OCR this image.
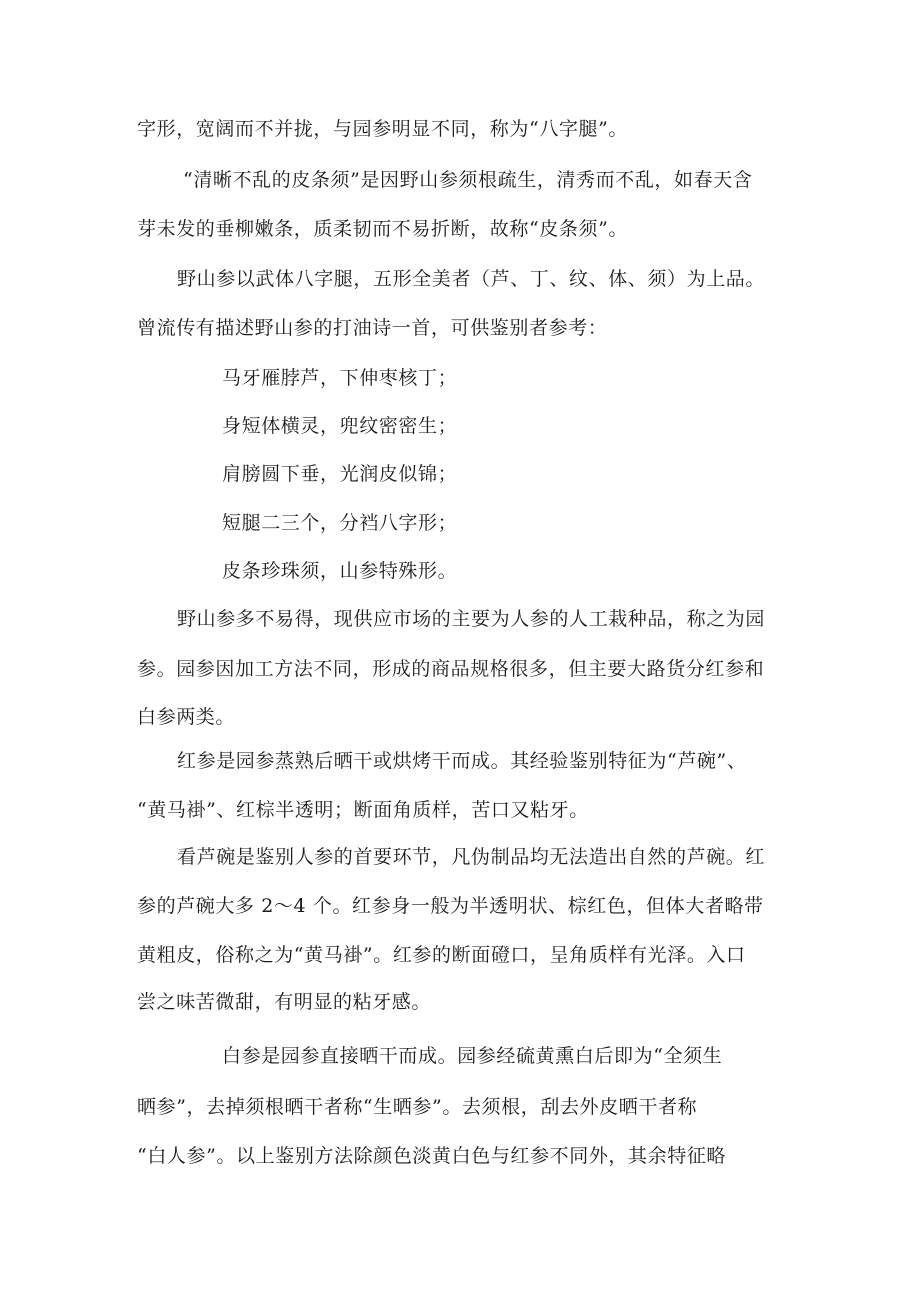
字形，宽阔而不并拢，与园参明显不同，称为“八字腿”。
“清晰不乱的皮条须”是因野山参须根疏生，清秀而不乱，如春天含
芽未发的垂柳嫩条，质柔韧而不易折断，故称“皮条须”。
野山参以武体八字腿，五形全美者（芦、丁、纹、体、须）为上品。
曾流传有描述野山参的打油诗一首，可供鉴别者参考：
马牙雁脖芦，下伸枣核丁；
身短体横灵，兜纹密密生；
肩膀圆下垂，光润皮似锦；
短腿二三个，分裆八字形；
皮条珍珠须，山参特殊形。
野山参多不易得，现供应市场的主要为人参的人工栽种品，称之为园
参。园参因加工方法不同，形成的商品规格很多，但主要大路货分红参和
白参两类。
红参是园参蒸熟后晒干或烘烤干而成。其经验鉴别特征为“芦碗”、
“黄马褂”、红棕半透明；断面角质样，苦口又粘牙。
看芦碗是鉴别人参的首要环节，凡伪制品均无法造出自然的芦碗。红
参的芦碗大多 2～4 个。红参身一般为半透明状、棕红色，但体大者略带
黄粗皮，俗称之为“黄马褂”。红参的断面磴口，呈角质样有光泽。入口
尝之味苦微甜，有明显的粘牙感。
白参是园参直接晒干而成。园参经硫黄熏白后即为“全须生
晒参”，去掉须根晒干者称“生晒参”。去须根，刮去外皮晒干者称
“白人参”。以上鉴别方法除颜色淡黄白色与红参不同外，其余特征略
